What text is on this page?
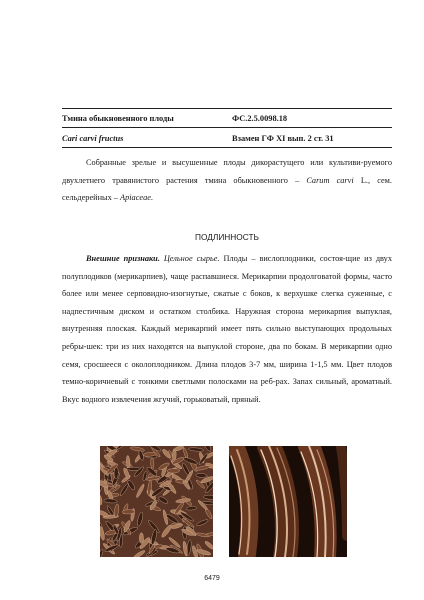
Тмина обыкновенного плоды	ФС.2.5.0098.18
Cari carvi fructus	Взамен ГФ XI вып. 2 ст. 31
Собранные зрелые и высушенные плоды дикорастущего или культиви-руемого двухлетнего травянистого растения тмина обыкновенного – Carum carvi L., сем. сельдерейных – Apiaceae.
ПОДЛИННОСТЬ
Внешние признаки. Цельное сырье. Плоды – вислоплодники, состоя-щие из двух полуплодиков (мерикарпиев), чаще распавшиеся. Мерикарпии продолговатой формы, часто более или менее серповидно-изогнутые, сжатые с боков, к верхушке слегка суженные, с надпестичным диском и остатком столбика. Наружная сторона мерикарпия выпуклая, внутренняя плоская. Каждый мерикарпий имеет пять сильно выступающих продольных ребры-шек: три из них находятся на выпуклой стороне, два по бокам. В мерикарпии одно семя, сросшееся с околоплодником. Длина плодов 3-7 мм, ширина 1-1,5 мм. Цвет плодов темно-коричневый с тонкими светлыми полосками на реб-рах. Запах сильный, ароматный. Вкус водного извлечения жгучий, горьковатый, пряный.
6479
